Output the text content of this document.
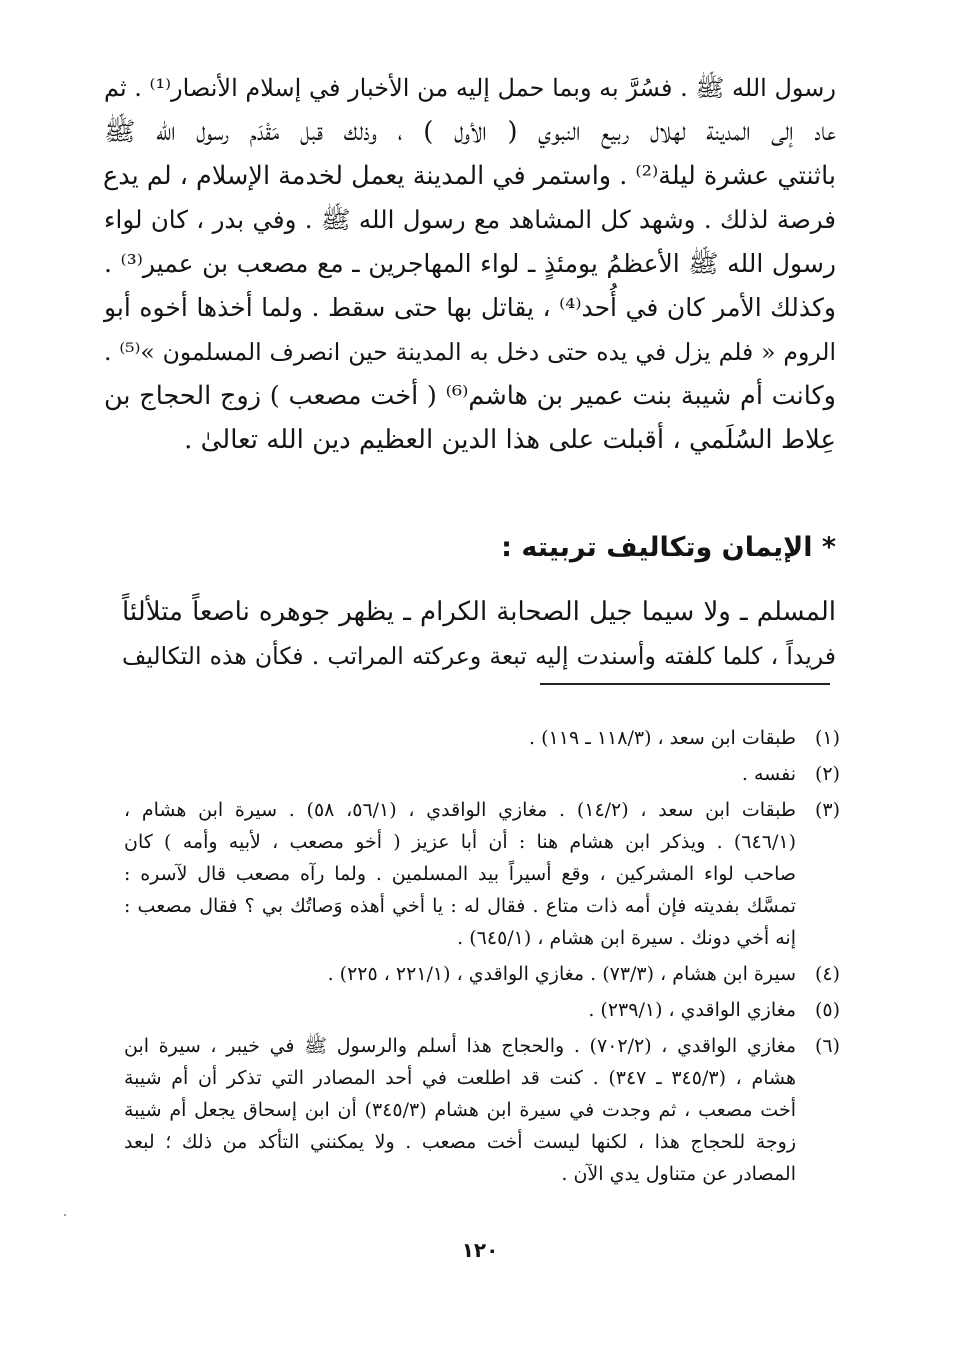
رسول الله ﷺ . فسُرَّ به وبما حمل إليه من الأخبار في إسلام الأنصار⁽¹⁾ . ثم
عاد إلى المدينة لهلال ربيع النبوي ( الأول ) ، وذلك قبل مَقْدَم رسول الله ﷺ
باثنتي عشرة ليلة⁽²⁾ . واستمر في المدينة يعمل لخدمة الإسلام ، لم يدع
فرصة لذلك . وشهد كل المشاهد مع رسول الله ﷺ . وفي بدر ، كان لواء
رسول الله ﷺ الأعظمُ يومئذٍ ـ لواء المهاجرين ـ مع مصعب بن عمير⁽³⁾ .
وكذلك الأمر كان في أُحد⁽⁴⁾ ، يقاتل بها حتى سقط . ولما أخذها أخوه أبو
الروم « فلم يزل في يده حتى دخل به المدينة حين انصرف المسلمون »⁽⁵⁾ .
وكانت أم شيبة بنت عمير بن هاشم⁽⁶⁾ ( أخت مصعب ) زوج الحجاج بن
عِلاط السُلَمي ، أقبلت على هذا الدين العظيم دين الله تعالىٰ .
* الإيمان وتكاليف تربيته :
المسلم ـ ولا سيما جيل الصحابة الكرام ـ يظهر جوهره ناصعاً متلألئاً
فريداً ، كلما كلفته وأسندت إليه تبعة وعركته المراتب . فكأن هذه التكاليف
(١)
طبقات ابن سعد ، (١١٨/٣ ـ ١١٩) .
(٢)
نفسه .
(٣)
طبقات ابن سعد ، (١٤/٢) . مغازي الواقدي ، (٥٦/١، ٥٨) . سيرة ابن هشام ،
(٦٤٦/١) . ويذكر ابن هشام هنا : أن أبا عزيز ( أخو مصعب ، لأبيه وأمه ) كان
صاحب لواء المشركين ، وقع أسيراً بيد المسلمين . ولما رآه مصعب قال لآسره :
تمسَّك بفديته فإن أمه ذات متاع . فقال له : يا أخي أهذه وَصاتُك بي ؟ فقال مصعب :
إنه أخي دونك . سيرة ابن هشام ، (٦٤٥/١) .
(٤)
سيرة ابن هشام ، (٧٣/٣) . مغازي الواقدي ، (٢٢١/١ ، ٢٢٥) .
(٥)
مغازي الواقدي ، (٢٣٩/١) .
(٦)
مغازي الواقدي ، (٧٠٢/٢) . والحجاج هذا أسلم والرسول ﷺ في خيبر ، سيرة ابن
هشام ، (٣٤٥/٣ ـ ٣٤٧) . كنت قد اطلعت في أحد المصادر التي تذكر أن أم شيبة
أخت مصعب ، ثم وجدت في سيرة ابن هشام (٣٤٥/٣) أن ابن إسحاق يجعل أم شيبة
زوجة للحجاج هذا ، لكنها ليست أخت مصعب . ولا يمكنني التأكد من ذلك ؛ لبعد
المصادر عن متناول يدي الآن .
١٢٠
